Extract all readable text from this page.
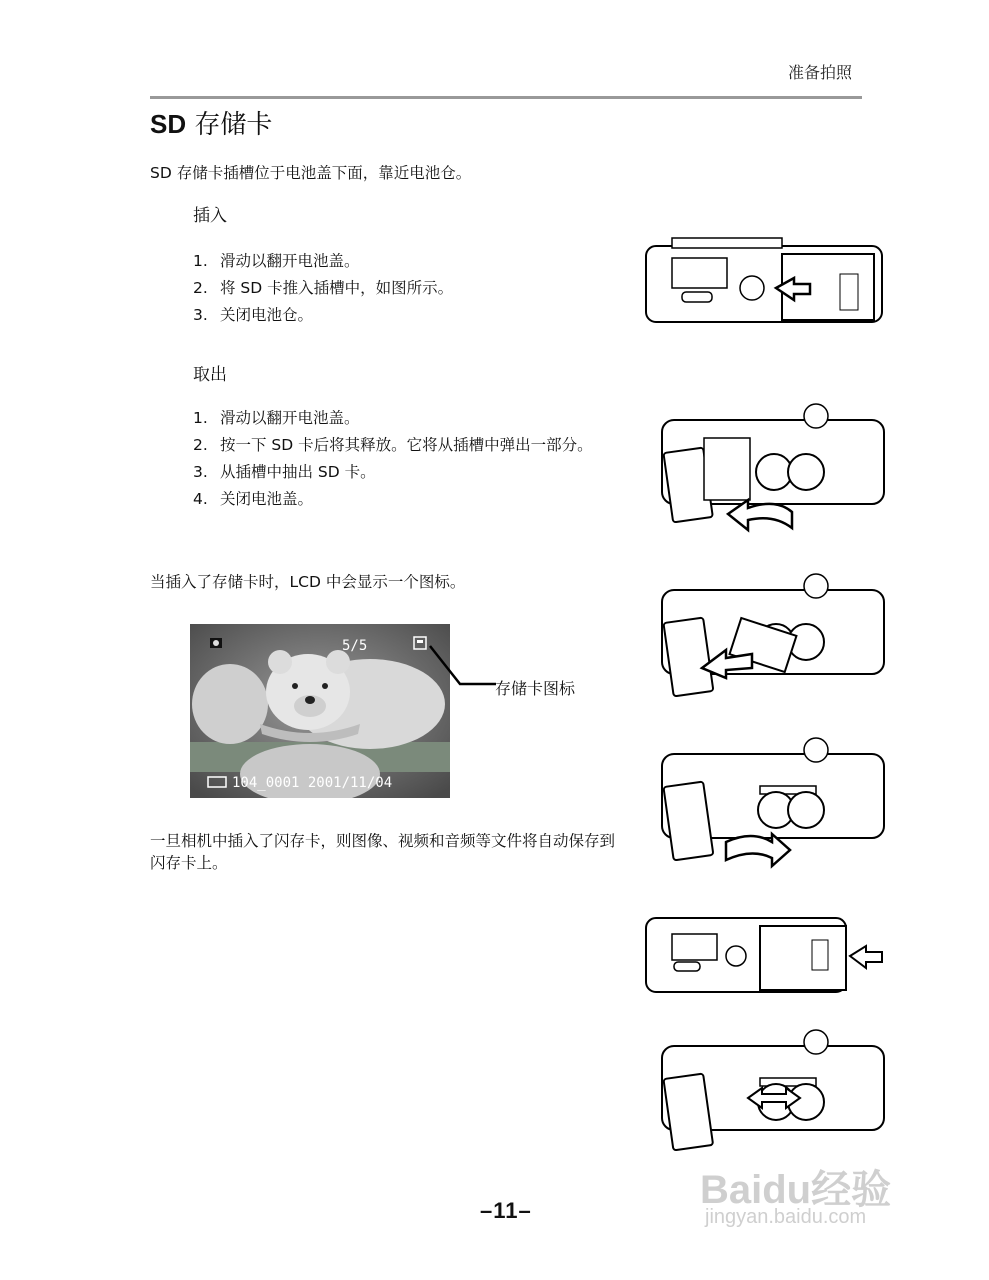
准备拍照
SD 存储卡
SD 存储卡插槽位于电池盖下面，靠近电池仓。
插入
1. 滑动以翻开电池盖。
2. 将 SD 卡推入插槽中，如图所示。
3. 关闭电池仓。
取出
1. 滑动以翻开电池盖。
2. 按一下 SD 卡后将其释放。它将从插槽中弹出一部分。
3. 从插槽中抽出 SD 卡。
4. 关闭电池盖。
当插入了存储卡时，LCD 中会显示一个图标。
5/5
104_0001 2001/11/04
存储卡图标
一旦相机中插入了闪存卡，则图像、视频和音频等文件将自动保存到闪存卡上。
–11–	Baidu经验
jingyan.baidu.com
